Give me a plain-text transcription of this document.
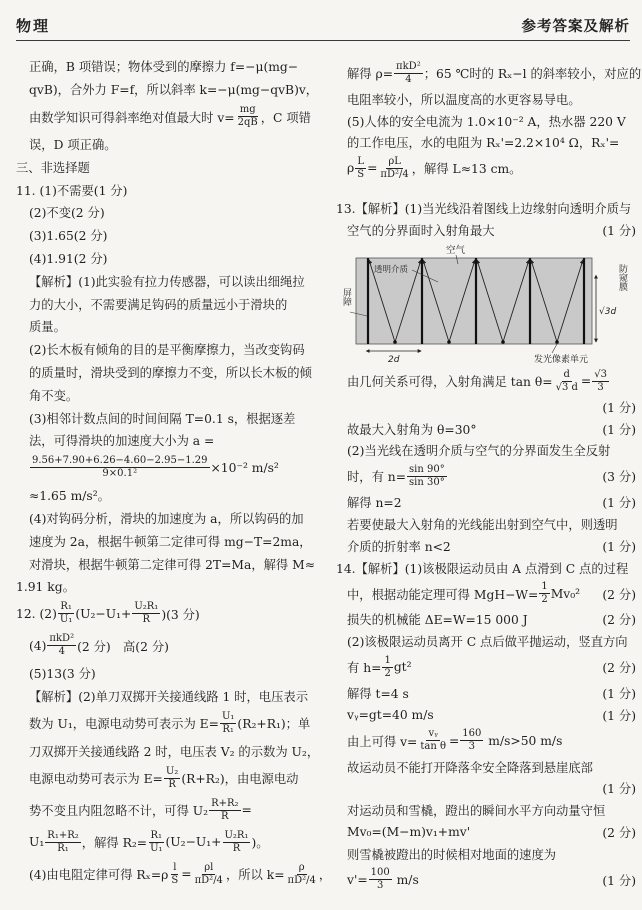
物理	参考答案及解析
正确，B 项错误；物体受到的摩擦力 f=−μ(mg−
qvB)，合外力 F=f，所以斜率 k=−μ(mg−qvB)v，
由数学知识可得斜率绝对值最大时 $v= \frac{mg}{2qB}$ ，C 项错
误，D 项正确。
三、非选择题
11. (1)不需要(1 分)
(2)不变(2 分)
(3)1.65(2 分)
(4)1.91(2 分)
【解析】(1)此实验有拉力传感器，可以读出细绳拉
力的大小，不需要满足钩码的质量远小于滑块的
质量。
(2)长木板有倾角的目的是平衡摩擦力，当改变钩码
的质量时，滑块受到的摩擦力不变，所以长木板的倾
角不变。
(3)相邻计数点间的时间间隔 T=0.1 s，根据逐差
法，可得滑块的加速度大小为 a =
$\frac{9.56+7.90+6.26-4.60-2.95-1.29}{\text{9×0.1²}} \times 10^{-2}$ m/s²
≈1.65 m/s²。
(4)对钩码分析，滑块的加速度为 a，所以钩码的加
速度为 2a，根据牛顿第二定律可得 mg−T=2ma，
对滑块，根据牛顿第二定律可得 2T=Ma，解得 M≈
1.91 kg。
12. $(2) \frac{\text{R₁}}{\text{U₁}} (U_2-U_1+ \frac{\text{U₂R₁}}{R} )(3$ 分)
$(4) \frac{\text{πkD²}}{4} (2$ 分)　高(2 分)
(5)13(3 分)
【解析】(2)单刀双掷开关接通线路 1 时，电压表示
数为 U₁，电源电动势可表示为 $E= \frac{\text{U₁}}{\text{R₁}} (R_2+R_1)$；单
刀双掷开关接通线路 2 时，电压表 V₂ 的示数为 U₂，
电源电动势可表示为 $E= \frac{\text{U₂}}{R} (R+R_2)$，由电源电动
势不变且内阻忽略不计，可得 $U_2 \frac{\text{R+R₂}}{R}$ =
$U_1 \frac{\text{R₁+R₂}}{\text{R₁}}$ ，解得 $R_2= \frac{\text{R₁}}{\text{U₁}} (U_2-U_1+ \frac{\text{U₂R₁}}{R}$ )。
(4)由电阻定律可得 $R_x=\rho \frac{l}{S} = \frac{\rho l}{\text{πD²/4}}$ ，所以 $k= \frac{\rho}{\text{πD²/4}}$ ，
解得 $\rho= \frac{\text{πkD²}}{4}$ ；65 ℃时的 Rₓ−l 的斜率较小，对应的
电阻率较小，所以温度高的水更容易导电。
(5)人体的安全电流为 1.0×10⁻² A，热水器 220 V
的工作电压，水的电阻为 Rₓ'=2.2×10⁴ Ω，Rₓ'=
ρ $\frac{L}{S} = \frac{\rho L}{\text{πD²/4}}$ ，解得 L≈13 cm。
13.【解析】(1)当光线沿着图线上边缘射向透明介质与
空气的分界面时入射角最大	(1 分)
空气
透明介质
屏障
2d
√3d
防窥膜
发光像素单元
由几何关系可得，入射角满足 $\tan \theta= \frac{d}{√3 d} = \frac{√3}{3}$
(1 分)
故最大入射角为 θ=30°	(1 分)
(2)当光线在透明介质与空气的分界面发生全反射
时，有 $n= \frac{\sin 90^\circ}{\sin 30^\circ}$	(3 分)
解得 n=2	(1 分)
若要使最大入射角的光线能出射到空气中，则透明
介质的折射率 n<2	(1 分)
14.【解析】(1)该极限运动员由 A 点滑到 C 点的过程
中，根据动能定理可得 $MgH-W= \frac{1}{2} Mv_0^2$ (2 分)
损失的机械能 ΔE=W=15 000 J	(2 分)
(2)该极限运动员离开 C 点后做平抛运动，竖直方向
有 $h= \frac{1}{2} gt^2$	(2 分)
解得 t=4 s	(1 分)
vᵧ=gt=40 m/s	(1 分)
由上可得 $v= \frac{\text{vᵧ}}{\text{tan θ}} = \frac{160}{3} m/s>50$ m/s
故运动员不能打开降落伞安全降落到悬崖底部
(1 分)
对运动员和雪橇，蹬出的瞬间水平方向动量守恒
Mv₀=(M−m)v₁+mv'	(2 分)
则雪橇被蹬出的时候相对地面的速度为
$v'= \frac{100}{3} m/s$	(1 分)
